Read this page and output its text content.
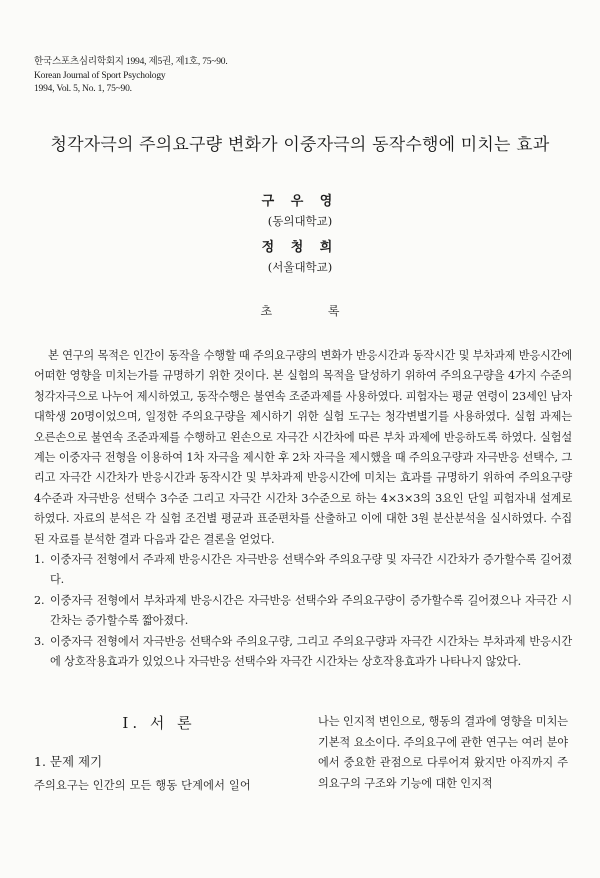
한국스포츠심리학회지 1994, 제5권, 제1호, 75~90.
Korean Journal of Sport Psychology
1994, Vol. 5, No. 1, 75~90.
청각자극의 주의요구량 변화가 이중자극의 동작수행에 미치는 효과
구 우 영
(동의대학교)
정 청 희
(서울대학교)
초 록

본 연구의 목적은 인간이 동작을 수행할 때 주의요구량의 변화가 반응시간과 동작시간 및 부차과제 반응시간에 어떠한 영향을 미치는가를 규명하기 위한 것이다. 본 실험의 목적을 달성하기 위하여 주의요구량을 4가지 수준의 청각자극으로 나누어 제시하였고, 동작수행은 불연속 조준과제를 사용하였다. 피험자는 평균 연령이 23세인 남자 대학생 20명이었으며, 일정한 주의요구량을 제시하기 위한 실험 도구는 청각변별기를 사용하였다. 실험 과제는 오른손으로 불연속 조준과제를 수행하고 왼손으로 자극간 시간차에 따른 부차 과제에 반응하도록 하였다. 실험설계는 이중자극 전형을 이용하여 1차 자극을 제시한 후 2차 자극을 제시했을 때 주의요구량과 자극반응 선택수, 그리고 자극간 시간차가 반응시간과 동작시간 및 부차과제 반응시간에 미치는 효과를 규명하기 위하여 주의요구량 4수준과 자극반응 선택수 3수준 그리고 자극간 시간차 3수준으로 하는 4×3×3의 3요인 단일 피험자내 설계로 하였다. 자료의 분석은 각 실험 조건별 평균과 표준편차를 산출하고 이에 대한 3원 분산분석을 실시하였다. 수집된 자료를 분석한 결과 다음과 같은 결론을 얻었다.

1. 이중자극 전형에서 주과제 반응시간은 자극반응 선택수와 주의요구량 및 자극간 시간차가 증가할수록 길어졌다.
2. 이중자극 전형에서 부차과제 반응시간은 자극반응 선택수와 주의요구량이 증가할수록 길어졌으나 자극간 시간차는 증가할수록 짧아졌다.
3. 이중자극 전형에서 자극반응 선택수와 주의요구량, 그리고 주의요구량과 자극간 시간차는 부차과제 반응시간에 상호작용효과가 있었으나 자극반응 선택수와 자극간 시간차는 상호작용효과가 나타나지 않았다.
I. 서 론
1. 문제 제기
주의요구는 인간의 모든 행동 단계에서 일어
나는 인지적 변인으로, 행동의 결과에 영향을 미치는 기본적 요소이다. 주의요구에 관한 연구는 여러 분야에서 중요한 관점으로 다루어져 왔지만 아직까지 주의요구의 구조와 기능에 대한 인지적
